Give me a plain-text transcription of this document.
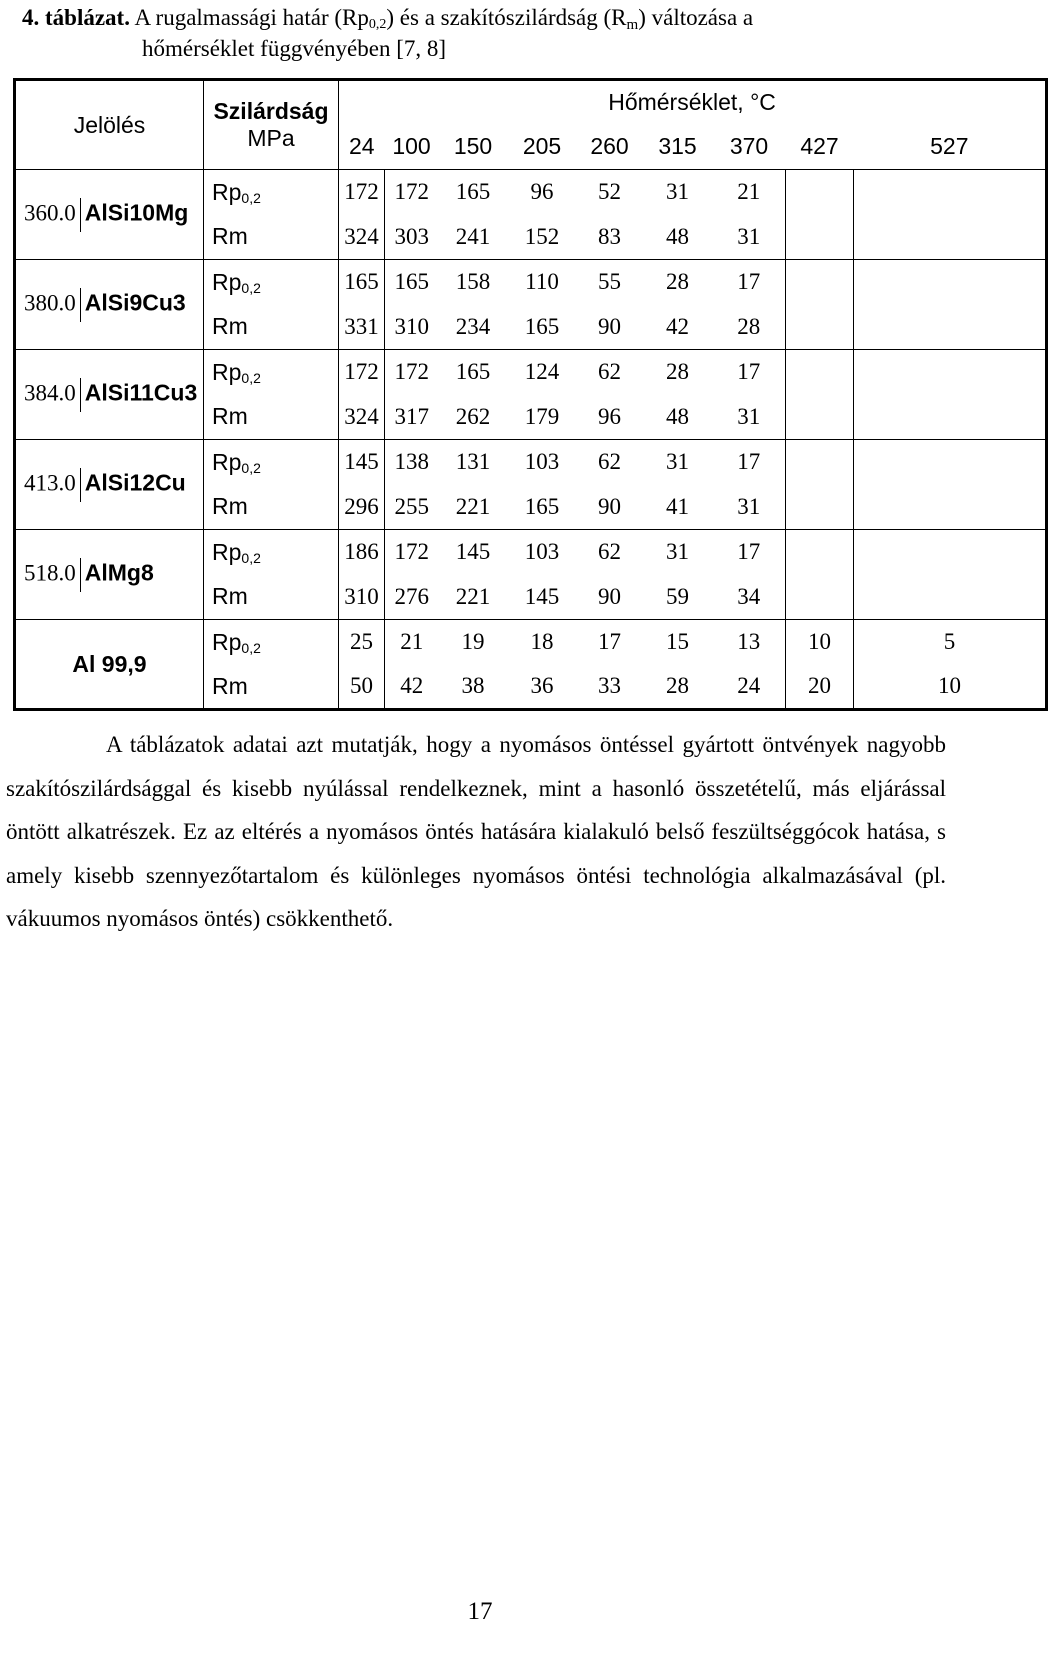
4. táblázat. A rugalmassági határ $(Rp_{0,2})$ és a szakítószilárdság $(R_m)$ változása a
hőmérséklet függvényében [7, 8]
Jelölés	Szilárdság
MPa	Hőmérséklet, °C								
		24	100	150	205	260	315	370	427	527

360.0 AlSi10Mg	$Rp_{0,2}$	172	172	165	96	52	31	21		
	Rm	324	303	241	152	83	48	31		

380.0 AlSi9Cu3	$Rp_{0,2}$	165	165	158	110	55	28	17		
	Rm	331	310	234	165	90	42	28		

384.0 AlSi11Cu3	$Rp_{0,2}$	172	172	165	124	62	28	17		
	Rm	324	317	262	179	96	48	31		

413.0 AlSi12Cu	$Rp_{0,2}$	145	138	131	103	62	31	17		
	Rm	296	255	221	165	90	41	31		

518.0 AlMg8	$Rp_{0,2}$	186	172	145	103	62	31	17		
	Rm	310	276	221	145	90	59	34		
Al 99,9	$Rp_{0,2}$	25	21	19	18	17	15	13	10	5
	Rm	50	42	38	36	33	28	24	20	10
A táblázatok adatai azt mutatják, hogy a nyomásos öntéssel gyártott öntvények nagyobb szakítószilárdsággal és kisebb nyúlással rendelkeznek, mint a hasonló összetételű, más eljárással öntött alkatrészek. Ez az eltérés a nyomásos öntés hatására kialakuló belső feszültséggócok hatása, s amely kisebb szennyezőtartalom és különleges nyomásos öntési technológia alkalmazásával (pl. vákuumos nyomásos öntés) csökkenthető.
17
